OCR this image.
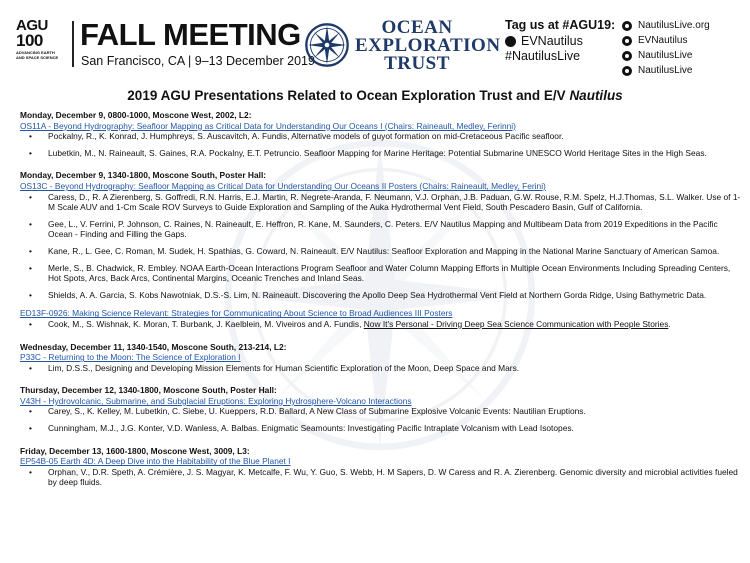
AGU
100
ADVANCING EARTH AND SPACE SCIENCE
FALL MEETING
San Francisco, CA | 9–13 December 2019
OCEAN
EXPLORATION
TRUST
Tag us at #AGU19:
EVNautilus
#NautilusLive
NautilusLive.org
EVNautilus
NautilusLive
NautilusLive
2019 AGU Presentations Related to Ocean Exploration Trust and E/V Nautilus
Monday, December 9, 0800-1000, Moscone West, 2002, L2:
OS11A - Beyond Hydrography: Seafloor Mapping as Critical Data for Understanding Our Oceans I (Chairs: Raineault, Medley, Ferinni)
• Pockalny, R., K. Konrad, J. Humphreys, S. Auscavitch, A. Fundis, Alternative models of guyot formation on mid-Cretaceous Pacific seafloor.
• Lubetkin, M., N. Raineault, S. Gaines, R.A. Pockalny, E.T. Petruncio. Seafloor Mapping for Marine Heritage: Potential Submarine UNESCO World Heritage Sites in the High Seas.
Monday, December 9, 1340-1800, Moscone South, Poster Hall:
OS13C - Beyond Hydrography: Seafloor Mapping as Critical Data for Understanding Our Oceans II Posters (Chairs: Raineault, Medley, Ferini)
• Caress, D., R. A Zierenberg, S. Goffredi, R.N. Harris, E.J. Martin, R. Negrete-Aranda, F. Neumann, V.J. Orphan, J.B. Paduan, G.W. Rouse, R.M. Spelz, H.J.Thomas, S.L. Walker. Use of 1-M Scale AUV and 1-Cm Scale ROV Surveys to Guide Exploration and Sampling of the Auka Hydrothermal Vent Field, South Pescadero Basin, Gulf of California.
• Gee, L., V. Ferrini, P. Johnson, C. Raines, N. Raineault, E. Heffron, R. Kane, M. Saunders, C. Peters. E/V Nautilus Mapping and Multibeam Data from 2019 Expeditions in the Pacific Ocean - Finding and Filling the Gaps.
• Kane, R., L. Gee, C. Roman, M. Sudek, H. Spathias, G. Coward, N. Raineault. E/V Nautilus: Seafloor Exploration and Mapping in the National Marine Sanctuary of American Samoa.
• Merle, S., B. Chadwick, R. Embley. NOAA Earth-Ocean Interactions Program Seafloor and Water Column Mapping Efforts in Multiple Ocean Environments Including Spreading Centers, Hot Spots, Arcs, Back Arcs, Continental Margins, Oceanic Trenches and Inland Seas.
• Shields, A. A. Garcia, S. Kobs Nawotniak, D.S.-S. Lim, N. Raineault. Discovering the Apollo Deep Sea Hydrothermal Vent Field at Northern Gorda Ridge, Using Bathymetric Data.
ED13F-0926: Making Science Relevant: Strategies for Communicating About Science to Broad Audiences III Posters
• Cook, M., S. Wishnak, K. Moran, T. Burbank, J. Kaelblein, M. Viveiros and A. Fundis, Now It's Personal - Driving Deep Sea Science Communication with People Stories.
Wednesday, December 11, 1340-1540, Moscone South, 213-214, L2:
P33C - Returning to the Moon: The Science of Exploration I
• Lim, D.S.S., Designing and Developing Mission Elements for Human Scientific Exploration of the Moon, Deep Space and Mars.
Thursday, December 12, 1340-1800, Moscone South, Poster Hall:
V43H - Hydrovolcanic, Submarine, and Subglacial Eruptions: Exploring Hydrosphere-Volcano Interactions
• Carey, S., K. Kelley, M. Lubetkin, C. Siebe, U. Kueppers, R.D. Ballard, A New Class of Submarine Explosive Volcanic Events: Nautilian Eruptions.
• Cunningham, M.J., J.G. Konter, V.D. Wanless, A. Balbas. Enigmatic Seamounts: Investigating Pacific Intraplate Volcanism with Lead Isotopes.
Friday, December 13, 1600-1800, Moscone West, 3009, L3:
EP54B-05 Earth 4D: A Deep Dive into the Habitability of the Blue Planet I
• Orphan, V., D.R. Speth, A. Crémière, J. S. Magyar, K. Metcalfe, F. Wu, Y. Guo, S. Webb, H. M Sapers, D. W Caress and R. A. Zierenberg. Genomic diversity and microbial activities fueled by deep fluids.
